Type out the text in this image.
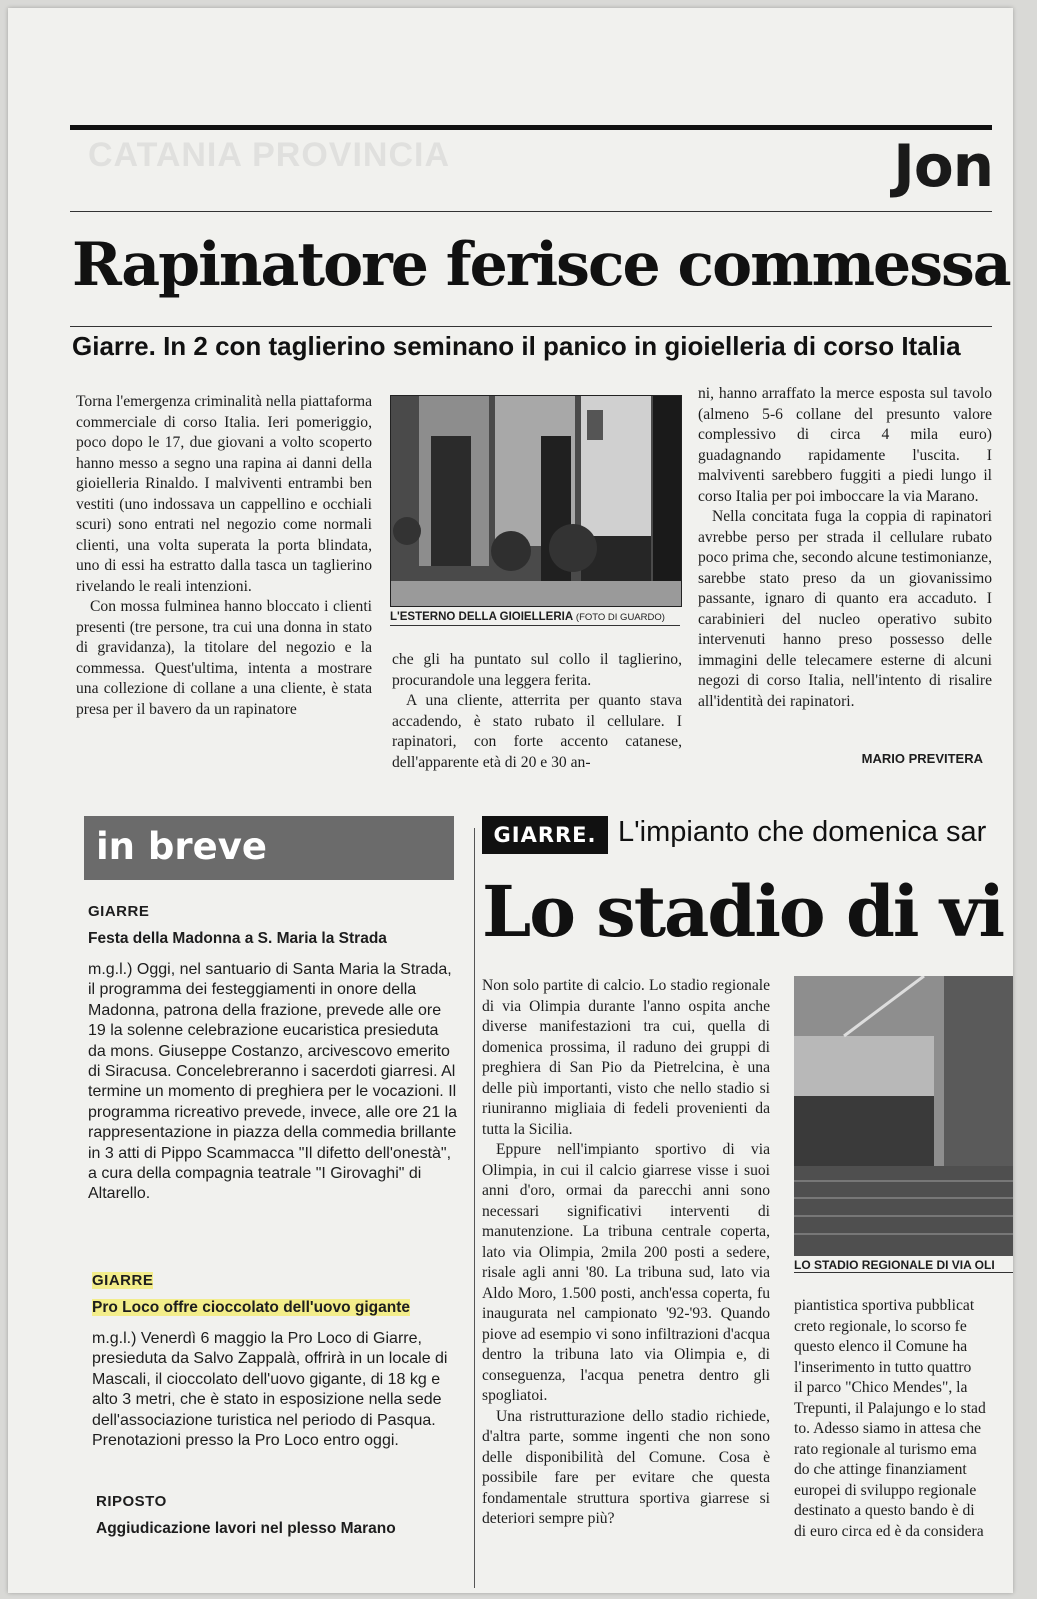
CATANIA PROVINCIA	Jon
Rapinatore ferisce commessa
Giarre. In 2 con taglierino seminano il panico in gioielleria di corso Italia

Torna l'emergenza criminalità nella piattaforma commerciale di corso Italia. Ieri pomeriggio, poco dopo le 17, due giovani a volto scoperto hanno messo a segno una rapina ai danni della gioielleria Rinaldo. I malviventi entrambi ben vestiti (uno indossava un cappellino e occhiali scuri) sono entrati nel negozio come normali clienti, una volta superata la porta blindata, uno di essi ha estratto dalla tasca un taglierino rivelando le reali intenzioni.

Con mossa fulminea hanno bloccato i clienti presenti (tre persone, tra cui una donna in stato di gravidanza), la titolare del negozio e la commessa. Quest'ultima, intenta a mostrare una collezione di collane a una cliente, è stata presa per il bavero da un rapinatore

L'ESTERNO DELLA GIOIELLERIA (FOTO DI GUARDO)

che gli ha puntato sul collo il taglierino, procurandole una leggera ferita.

A una cliente, atterrita per quanto stava accadendo, è stato rubato il cellulare. I rapinatori, con forte accento catanese, dell'apparente età di 20 e 30 an-

ni, hanno arraffato la merce esposta sul tavolo (almeno 5-6 collane del presunto valore complessivo di circa 4 mila euro) guadagnando rapidamente l'uscita. I malviventi sarebbero fuggiti a piedi lungo il corso Italia per poi imboccare la via Marano.

Nella concitata fuga la coppia di rapinatori avrebbe perso per strada il cellulare rubato poco prima che, secondo alcune testimonianze, sarebbe stato preso da un giovanissimo passante, ignaro di quanto era accaduto. I carabinieri del nucleo operativo subito intervenuti hanno preso possesso delle immagini delle telecamere esterne di alcuni negozi di corso Italia, nell'intento di risalire all'identità dei rapinatori.

MARIO PREVITERA
in breve

GIARRE

Festa della Madonna a S. Maria la Strada

m.g.l.) Oggi, nel santuario di Santa Maria la Strada, il programma dei festeggiamenti in onore della Madonna, patrona della frazione, prevede alle ore 19 la solenne celebrazione eucaristica presieduta da mons. Giuseppe Costanzo, arcivescovo emerito di Siracusa. Concelebreranno i sacerdoti giarresi. Al termine un momento di preghiera per le vocazioni. Il programma ricreativo prevede, invece, alle ore 21 la rappresentazione in piazza della commedia brillante in 3 atti di Pippo Scammacca "Il difetto dell'onestà", a cura della compagnia teatrale "I Girovaghi" di Altarello.

GIARRE

Pro Loco offre cioccolato dell'uovo gigante

m.g.l.) Venerdì 6 maggio la Pro Loco di Giarre, presieduta da Salvo Zappalà, offrirà in un locale di Mascali, il cioccolato dell'uovo gigante, di 18 kg e alto 3 metri, che è stato in esposizione nella sede dell'associazione turistica nel periodo di Pasqua. Prenotazioni presso la Pro Loco entro oggi.

RIPOSTO

Aggiudicazione lavori nel plesso Marano

GIARRE. L'impianto che domenica sar
Lo stadio di vi

Non solo partite di calcio. Lo stadio regionale di via Olimpia durante l'anno ospita anche diverse manifestazioni tra cui, quella di domenica prossima, il raduno dei gruppi di preghiera di San Pio da Pietrelcina, è una delle più importanti, visto che nello stadio si riuniranno migliaia di fedeli provenienti da tutta la Sicilia.

Eppure nell'impianto sportivo di via Olimpia, in cui il calcio giarrese visse i suoi anni d'oro, ormai da parecchi anni sono necessari significativi interventi di manutenzione. La tribuna centrale coperta, lato via Olimpia, 2mila 200 posti a sedere, risale agli anni '80. La tribuna sud, lato via Aldo Moro, 1.500 posti, anch'essa coperta, fu inaugurata nel campionato '92-'93. Quando piove ad esempio vi sono infiltrazioni d'acqua dentro la tribuna lato via Olimpia e, di conseguenza, l'acqua penetra dentro gli spogliatoi.

Una ristrutturazione dello stadio richiede, d'altra parte, somme ingenti che non sono delle disponibilità del Comune. Cosa è possibile fare per evitare che questa fondamentale struttura sportiva giarrese si deteriori sempre più?

LO STADIO REGIONALE DI VIA OLI

piantistica sportiva pubblicat

creto regionale, lo scorso fe

questo elenco il Comune ha

l'inserimento in tutto quattro

il parco "Chico Mendes", la

Trepunti, il Palajungo e lo stad

to. Adesso siamo in attesa che

rato regionale al turismo ema

do che attinge finanziament

europei di sviluppo regionale

destinato a questo bando è di

di euro circa ed è da considera
